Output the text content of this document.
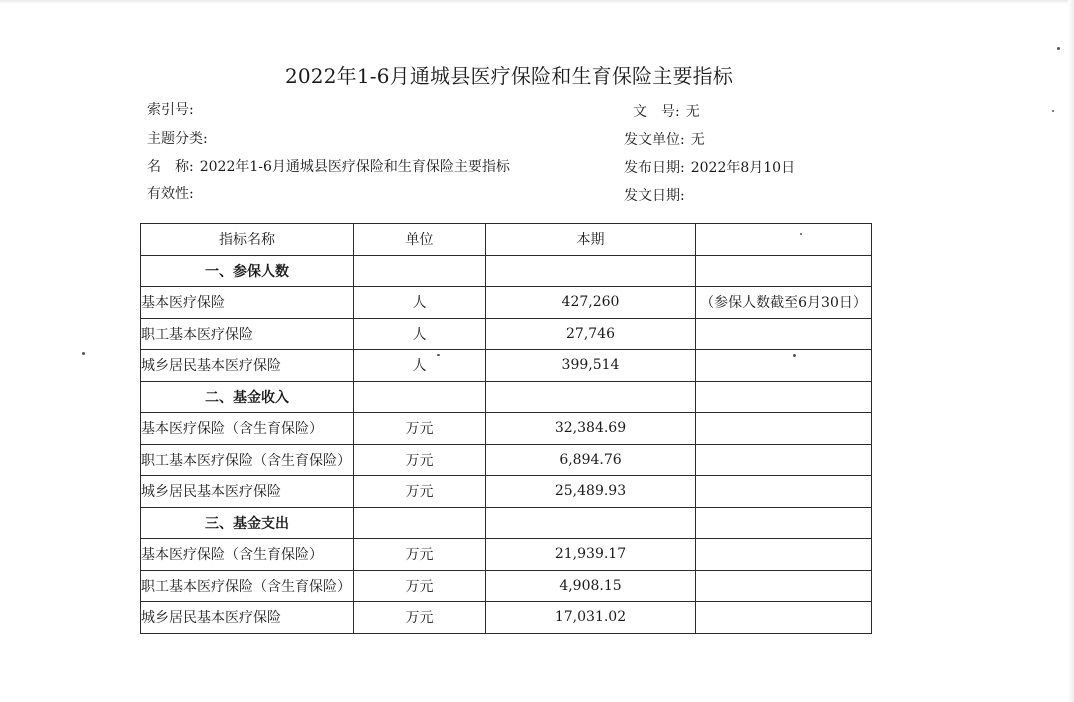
2022年1-6月通城县医疗保险和生育保险主要指标
索引号:
主题分类:
名　称: 2022年1-6月通城县医疗保险和生育保险主要指标
有效性:
文　号: 无
发文单位: 无
发布日期: 2022年8月10日
发文日期:
指标名称	单位	本期	
一、参保人数			
基本医疗保险	人	427,260	（参保人数截至6月30日）
职工基本医疗保险	人	27,746	
城乡居民基本医疗保险	人	399,514	
二、基金收入			
基本医疗保险（含生育保险）	万元	32,384.69	
职工基本医疗保险（含生育保险）	万元	6,894.76	
城乡居民基本医疗保险	万元	25,489.93	
三、基金支出			
基本医疗保险（含生育保险）	万元	21,939.17	
职工基本医疗保险（含生育保险）	万元	4,908.15	
城乡居民基本医疗保险	万元	17,031.02	
